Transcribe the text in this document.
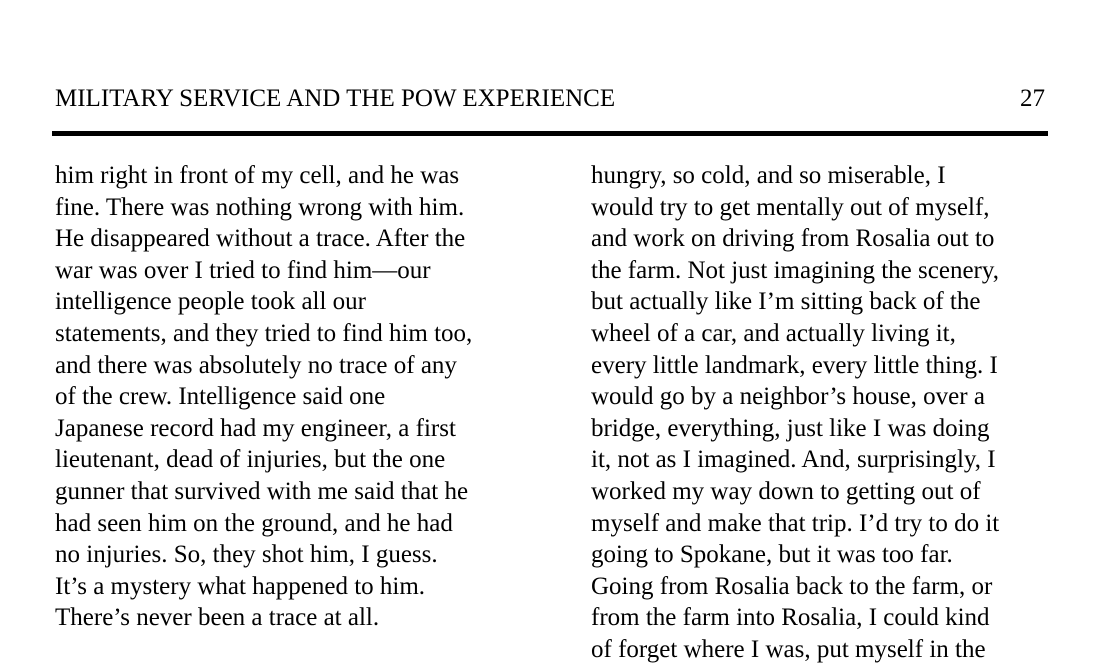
MILITARY SERVICE AND THE POW EXPERIENCE	27
him right in front of my cell, and he was
fine. There was nothing wrong with him.
He disappeared without a trace. After the
war was over I tried to find him—our
intelligence people took all our
statements, and they tried to find him too,
and there was absolutely no trace of any
of the crew. Intelligence said one
Japanese record had my engineer, a first
lieutenant, dead of injuries, but the one
gunner that survived with me said that he
had seen him on the ground, and he had
no injuries. So, they shot him, I guess.
It’s a mystery what happened to him.
There’s never been a trace at all.
hungry, so cold, and so miserable, I
would try to get mentally out of myself,
and work on driving from Rosalia out to
the farm. Not just imagining the scenery,
but actually like I’m sitting back of the
wheel of a car, and actually living it,
every little landmark, every little thing. I
would go by a neighbor’s house, over a
bridge, everything, just like I was doing
it, not as I imagined. And, surprisingly, I
worked my way down to getting out of
myself and make that trip. I’d try to do it
going to Spokane, but it was too far.
Going from Rosalia back to the farm, or
from the farm into Rosalia, I could kind
of forget where I was, put myself in the
